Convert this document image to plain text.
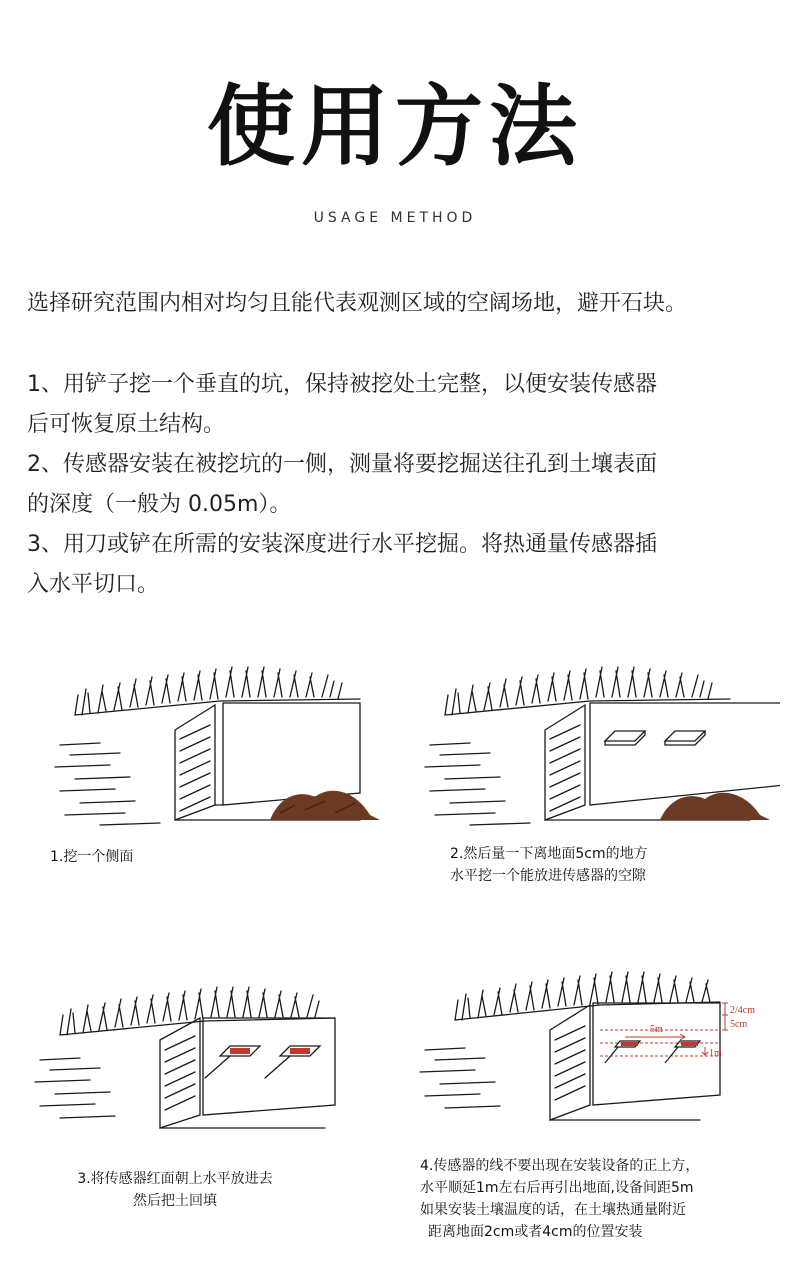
使用方法
USAGE METHOD
选择研究范围内相对均匀且能代表观测区域的空阔场地，避开石块。

1、用铲子挖一个垂直的坑，保持被挖处土完整，以便安装传感器

后可恢复原土结构。

2、传感器安装在被挖坑的一侧，测量将要挖掘送往孔到土壤表面

的深度（一般为 0.05m）。

3、用刀或铲在所需的安装深度进行水平挖掘。将热通量传感器插

入水平切口。

1.挖一个侧面	2.然后量一下离地面5cm的地方
水平挖一个能放进传感器的空隙
3.将传感器红面朝上水平放进去
然后把土回填
2/4cm
5cm
5m
1m
4.传感器的线不要出现在安装设备的正上方，
水平顺延1m左右后再引出地面,设备间距5m
如果安装土壤温度的话，在土壤热通量附近
距离地面2cm或者4cm的位置安装
